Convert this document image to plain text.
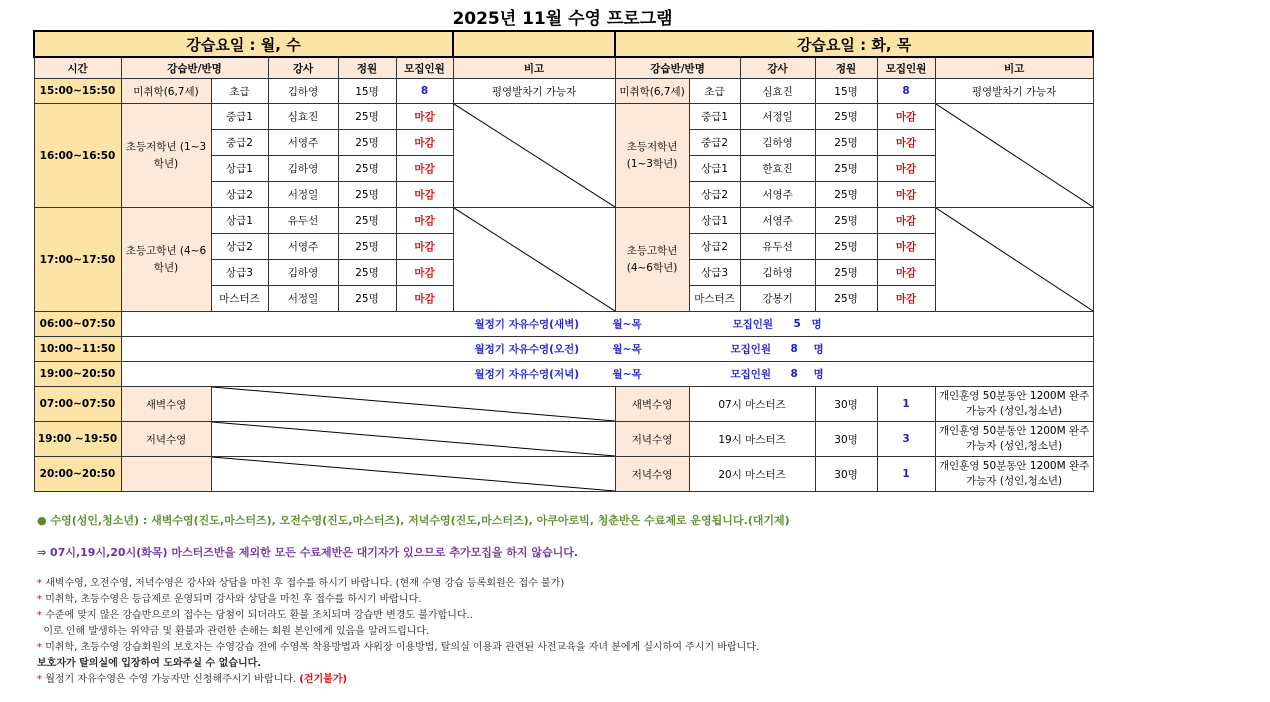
2025년 11월 수영 프로그램
강습요일 : 월, 수							강습요일 : 화, 목					
시간	강습반/반명		강사	정원	모집인원	비고	강습반/반명		강사	정원	모집인원	비고
15:00~15:50	미취학(6,7세)	초급	김하영	15명	8	평영발차기 가능자	미취학(6,7세)	초급	심효진	15명	8	평영발차기 가능자
16:00~16:50	초등저학년 (1~3학년)	중급1	심효진	25명	마감		초등저학년 (1~3학년)	중급1	서정일	25명	마감	

		중급2	서영주	25명	마감			중급2	김하영	25명	마감	
		상급1	김하영	25명	마감			상급1	한효진	25명	마감	
		상급2	서정일	25명	마감			상급2	서영주	25명	마감	
17:00~17:50	초등고학년 (4~6학년)	상급1	유두선	25명	마감		초등고학년 (4~6학년)	상급1	서영주	25명	마감	

		상급2	서영주	25명	마감			상급2	유두선	25명	마감	
		상급3	김하영	25명	마감			상급3	김하영	25명	마감	
		마스터즈	서정일	25명	마감			마스터즈	강봉기	25명	마감	
06:00~07:50	월정기 자유수영(새벽) 월~목 모집인원 5 명											

10:00~11:50	월정기 자유수영(오전) 월~목 모집인원 8 명											

19:00~20:50	월정기 자유수영(저녁) 월~목 모집인원 8 명											

07:00~07:50	새벽수영						새벽수영	07시 마스터즈		30명	1	개인훈영 50분동안 1200M 완주가능자 (성인,청소년)
19:00 ~19:50	저녁수영						저녁수영	19시 마스터즈		30명	3	개인훈영 50분동안 1200M 완주가능자 (성인,청소년)
20:00~20:50							저녁수영	20시 마스터즈		30명	1	개인훈영 50분동안 1200M 완주가능자 (성인,청소년)

● 수영(성인,청소년) : 새벽수영(진도,마스터즈), 오전수영(진도,마스터즈), 저녁수영(진도,마스터즈), 아쿠아로빅, 청춘반은 수료제로 운영됩니다.(대기제)

⇒ 07시,19시,20시(화목) 마스터즈반을 제외한 모든 수료제반은 대기자가 있으므로 추가모집을 하지 않습니다.

* 새벽수영, 오전수영, 저녁수영은 강사와 상담을 마친 후 접수를 하시기 바랍니다. (현재 수영 강습 등록회원은 접수 불가)
* 미취학, 초등수영은 등급제로 운영되며 강사와 상담을 마친 후 접수를 하시기 바랍니다.
* 수준에 맞지 않은 강습반으로의 접수는 당첨이 되더라도 환불 조치되며 강습반 변경도 불가합니다..
이로 인해 발생하는 위약금 및 환불과 관련한 손해는 회원 본인에게 있음을 알려드립니다.
* 미취학, 초등수영 강습회원의 보호자는 수영강습 전에 수영복 착용방법과 샤워장 이용방법, 탈의실 이용과 관련된 사전교육을 자녀 분에게 실시하여 주시기 바랍니다.
보호자가 탈의실에 입장하여 도와주실 수 없습니다.
* 월정기 자유수영은 수영 가능자만 신청해주시기 바랍니다. (걷기불가)
